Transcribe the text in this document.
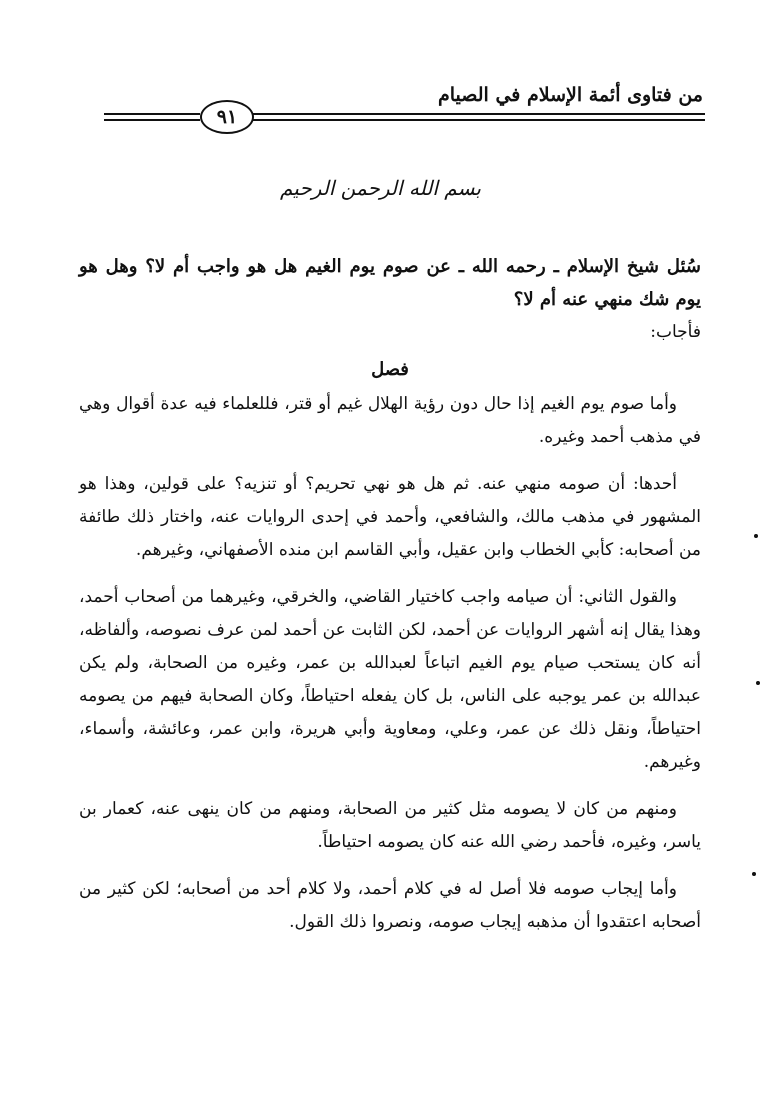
من فتاوى أئمة الإسلام في الصيام
٩١
بسم الله الرحمن الرحيم

سُئل شيخ الإسلام ـ رحمه الله ـ عن صوم يوم الغيم هل هو واجب أم لا؟ وهل هو يوم شك منهي عنه أم لا؟

فأجاب:

فصل

وأما صوم يوم الغيم إذا حال دون رؤية الهلال غيم أو قتر، فللعلماء فيه عدة أقوال وهي في مذهب أحمد وغيره.

أحدها: أن صومه منهي عنه. ثم هل هو نهي تحريم؟ أو تنزيه؟ على قولين، وهذا هو المشهور في مذهب مالك، والشافعي، وأحمد في إحدى الروايات عنه، واختار ذلك طائفة من أصحابه: كأبي الخطاب وابن عقيل، وأبي القاسم ابن منده الأصفهاني، وغيرهم.

والقول الثاني: أن صيامه واجب كاختيار القاضي، والخرقي، وغيرهما من أصحاب أحمد، وهذا يقال إنه أشهر الروايات عن أحمد، لكن الثابت عن أحمد لمن عرف نصوصه، وألفاظه، أنه كان يستحب صيام يوم الغيم اتباعاً لعبدالله بن عمر، وغيره من الصحابة، ولم يكن عبدالله بن عمر يوجبه على الناس، بل كان يفعله احتياطاً، وكان الصحابة فيهم من يصومه احتياطاً، ونقل ذلك عن عمر، وعلي، ومعاوية وأبي هريرة، وابن عمر، وعائشة، وأسماء، وغيرهم.

ومنهم من كان لا يصومه مثل كثير من الصحابة، ومنهم من كان ينهى عنه، كعمار بن ياسر، وغيره، فأحمد رضي الله عنه كان يصومه احتياطاً.

وأما إيجاب صومه فلا أصل له في كلام أحمد، ولا كلام أحد من أصحابه؛ لكن كثير من أصحابه اعتقدوا أن مذهبه إيجاب صومه، ونصروا ذلك القول.
